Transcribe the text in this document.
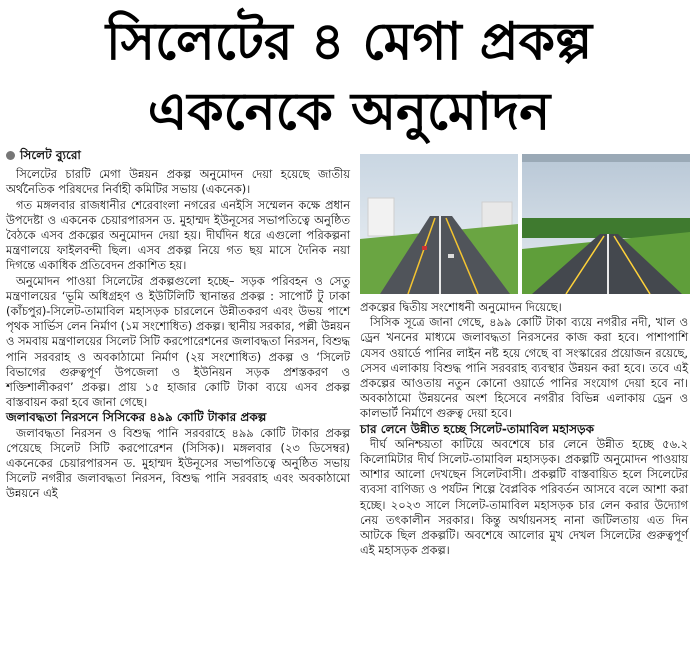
সিলেটের ৪ মেগা প্রকল্প
একনেকে অনুমোদন
সিলেট ব্যুরো

সিলেটের চারটি মেগা উন্নয়ন প্রকল্প অনুমোদন দেয়া হয়েছে জাতীয় অর্থনৈতিক পরিষদের নির্বাহী কমিটির সভায় (একনেক)।

গত মঙ্গলবার রাজধানীর শেরেবাংলা নগরের এনইসি সম্মেলন কক্ষে প্রধান উপদেষ্টা ও একনেক চেয়ারপারসন ড. মুহাম্মদ ইউনূসের সভাপতিত্বে অনুষ্ঠিত বৈঠকে এসব প্রকল্পের অনুমোদন দেয়া হয়। দীর্ঘদিন ধরে এগুলো পরিকল্পনা মন্ত্রণালয়ে ফাইলবন্দী ছিল। এসব প্রকল্প নিয়ে গত ছয় মাসে দৈনিক নয়া দিগন্তে একাধিক প্রতিবেদন প্রকাশিত হয়।

অনুমোদন পাওয়া সিলেটের প্রকল্পগুলো হচ্ছে– সড়ক পরিবহন ও সেতু মন্ত্রণালয়ের ‘ভূমি অধিগ্রহণ ও ইউটিলিটি স্থানান্তর প্রকল্প : সাপোর্ট টু ঢাকা (কাঁচপুর)-সিলেট-তামাবিল মহাসড়ক চারলেনে উন্নীতকরণ এবং উভয় পাশে পৃথক সার্ভিস লেন নির্মাণ (১ম সংশোধিত) প্রকল্প। স্থানীয় সরকার, পল্লী উন্নয়ন ও সমবায় মন্ত্রণালয়ের সিলেট সিটি করপোরেশনের জলাবদ্ধতা নিরসন, বিশুদ্ধ পানি সরবরাহ ও অবকাঠামো নির্মাণ (২য় সংশোধিত) প্রকল্প ও ‘সিলেট বিভাগের গুরুত্বপূর্ণ উপজেলা ও ইউনিয়ন সড়ক প্রশস্তকরণ ও শক্তিশালীকরণ’ প্রকল্প। প্রায় ১৫ হাজার কোটি টাকা ব্যয়ে এসব প্রকল্প বাস্তবায়ন করা হবে জানা গেছে।

জলাবদ্ধতা নিরসনে সিসিকের ৪৯৯ কোটি টাকার প্রকল্প

জলাবদ্ধতা নিরসন ও বিশুদ্ধ পানি সরবরাহে ৪৯৯ কোটি টাকার প্রকল্প পেয়েছে সিলেট সিটি করপোরেশন (সিসিক)। মঙ্গলবার (২৩ ডিসেম্বর) একনেকের চেয়ারপারসন ড. মুহাম্মদ ইউনূসের সভাপতিত্বে অনুষ্ঠিত সভায় সিলেট নগরীর জলাবদ্ধতা নিরসন, বিশুদ্ধ পানি সরবরাহ এবং অবকাঠামো উন্নয়নে এই

প্রকল্পের দ্বিতীয় সংশোধনী অনুমোদন দিয়েছে।

সিসিক সূত্রে জানা গেছে, ৪৯৯ কোটি টাকা ব্যয়ে নগরীর নদী, খাল ও ড্রেন খননের মাধ্যমে জলাবদ্ধতা নিরসনের কাজ করা হবে। পাশাপাশি যেসব ওয়ার্ডে পানির লাইন নষ্ট হয়ে গেছে বা সংস্কারের প্রয়োজন রয়েছে, সেসব এলাকায় বিশুদ্ধ পানি সরবরাহ ব্যবস্থার উন্নয়ন করা হবে। তবে এই প্রকল্পের আওতায় নতুন কোনো ওয়ার্ডে পানির সংযোগ দেয়া হবে না। অবকাঠামো উন্নয়নের অংশ হিসেবে নগরীর বিভিন্ন এলাকায় ড্রেন ও কালভার্ট নির্মাণে গুরুত্ব দেয়া হবে।

চার লেনে উন্নীত হচ্ছে সিলেট-তামাবিল মহাসড়ক

দীর্ঘ অনিশ্চয়তা কাটিয়ে অবশেষে চার লেনে উন্নীত হচ্ছে ৫৬.২ কিলোমিটার দীর্ঘ সিলেট-তামাবিল মহাসড়ক। প্রকল্পটি অনুমোদন পাওয়ায় আশার আলো দেখছেন সিলেটবাসী। প্রকল্পটি বাস্তবায়িত হলে সিলেটের ব্যবসা বাণিজ্য ও পর্যটন শিল্পে বৈপ্লবিক পরিবর্তন আসবে বলে আশা করা হচ্ছে। ২০২৩ সালে সিলেট-তামাবিল মহাসড়ক চার লেন করার উদ্যোগ নেয় তৎকালীন সরকার। কিন্তু অর্থায়নসহ নানা জটিলতায় এত দিন আটকে ছিল প্রকল্পটি। অবশেষে আলোর মুখ দেখল সিলেটের গুরুত্বপূর্ণ এই মহাসড়ক প্রকল্প।
